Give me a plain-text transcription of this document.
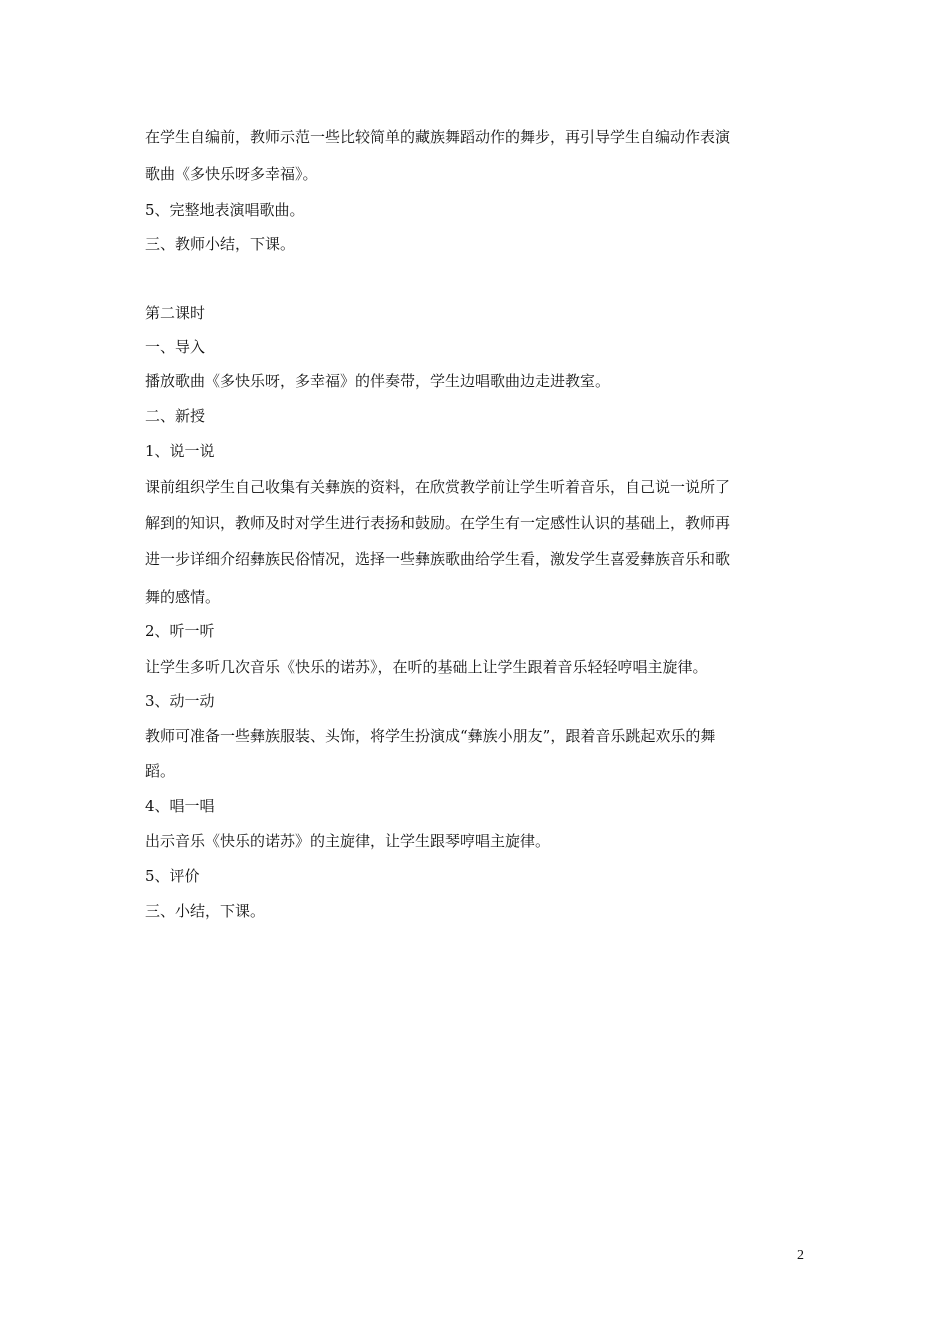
在学生自编前，教师示范一些比较简单的藏族舞蹈动作的舞步，再引导学生自编动作表演
歌曲《多快乐呀多幸福》。
5、完整地表演唱歌曲。
三、教师小结，下课。
第二课时
一、导入
播放歌曲《多快乐呀，多幸福》的伴奏带，学生边唱歌曲边走进教室。
二、新授
1、说一说
课前组织学生自己收集有关彝族的资料，在欣赏教学前让学生听着音乐，自己说一说所了
解到的知识，教师及时对学生进行表扬和鼓励。在学生有一定感性认识的基础上，教师再
进一步详细介绍彝族民俗情况，选择一些彝族歌曲给学生看，激发学生喜爱彝族音乐和歌
舞的感情。
2、听一听
让学生多听几次音乐《快乐的诺苏》，在听的基础上让学生跟着音乐轻轻哼唱主旋律。
3、动一动
教师可准备一些彝族服装、头饰，将学生扮演成“彝族小朋友”，跟着音乐跳起欢乐的舞
蹈。
4、唱一唱
出示音乐《快乐的诺苏》的主旋律，让学生跟琴哼唱主旋律。
5、评价
三、小结，下课。
2
